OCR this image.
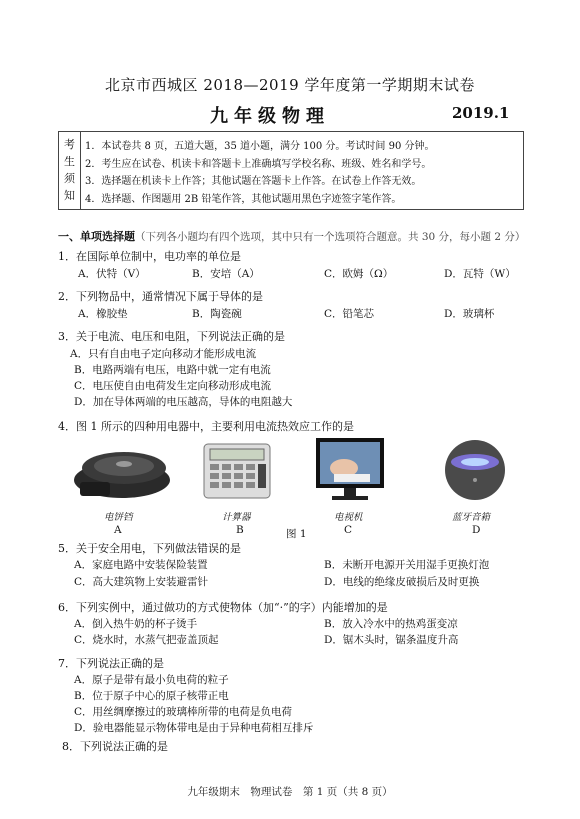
北京市西城区 2018—2019 学年度第一学期期末试卷
九年级物理	2019.1
考
生
须
知
1．本试卷共 8 页，五道大题，35 道小题，满分 100 分。考试时间 90 分钟。
2．考生应在试卷、机读卡和答题卡上准确填写学校名称、班级、姓名和学号。
3．选择题在机读卡上作答；其他试题在答题卡上作答。在试卷上作答无效。
4．选择题、作图题用 2B 铅笔作答，其他试题用黑色字迹签字笔作答。
一、单项选择题（下列各小题均有四个选项，其中只有一个选项符合题意。共 30 分，每小题 2 分）
1．在国际单位制中，电功率的单位是
A．伏特（V）	B．安培（A）	C．欧姆（Ω）	D．瓦特（W）
2．下列物品中，通常情况下属于导体的是
A．橡胶垫	B．陶瓷碗	C．铅笔芯	D．玻璃杯
3．关于电流、电压和电阻，下列说法正确的是
A．只有自由电子定向移动才能形成电流
B．电路两端有电压，电路中就一定有电流
C．电压使自由电荷发生定向移动形成电流
D．加在导体两端的电压越高，导体的电阻越大
4．图 1 所示的四种用电器中，主要利用电流热效应工作的是
电饼铛	计算器	电视机	蓝牙音箱
A	B	图 1	C	D
5．关于安全用电，下列做法错误的是
A．家庭电路中安装保险装置	B．未断开电源开关用湿手更换灯泡
C．高大建筑物上安装避雷针	D．电线的绝缘皮破损后及时更换
6．下列实例中，通过做功的方式使物体（加“·”的字）内能增加的是
A．倒入热牛奶的杯子烫手	B．放入冷水中的热鸡蛋变凉
C．烧水时，水蒸气把壶盖顶起	D．锯木头时，锯条温度升高
7．下列说法正确的是
A．原子是带有最小负电荷的粒子
B．位于原子中心的原子核带正电
C．用丝绸摩擦过的玻璃棒所带的电荷是负电荷
D．验电器能显示物体带电是由于异种电荷相互排斥
8．下列说法正确的是
九年级期末　物理试卷　第 1 页（共 8 页）
